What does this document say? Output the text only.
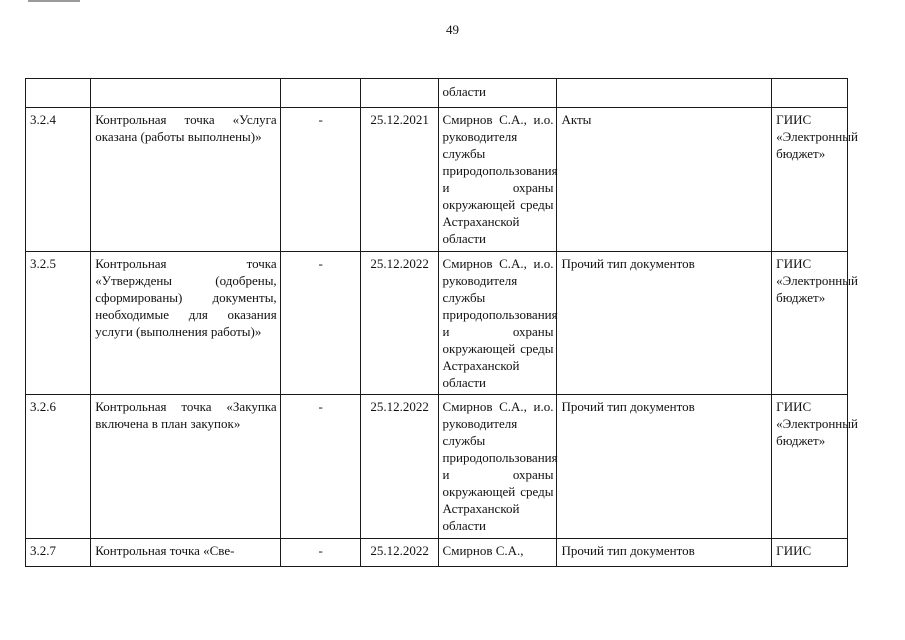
49
				области		
3.2.4	Контрольная точка «Услуга оказана (работы выполнены)»	-	25.12.2021	Смирнов С.А., и.о. руководителя службы природопользования и охраны окружающей среды Астраханской области	Акты	ГИИС «Электронный бюджет»
3.2.5	Контрольная точка «Утверждены (одобрены, сформированы) документы, необходимые для оказания услуги (выполнения работы)»	-	25.12.2022	Смирнов С.А., и.о. руководителя службы природопользования и охраны окружающей среды Астраханской области	Прочий тип документов	ГИИС «Электронный бюджет»
3.2.6	Контрольная точка «Закупка включена в план закупок»	-	25.12.2022	Смирнов С.А., и.о. руководителя службы природопользования и охраны окружающей среды Астраханской области	Прочий тип документов	ГИИС «Электронный бюджет»
3.2.7	Контрольная точка «Све-	-	25.12.2022	Смирнов С.А.,	Прочий тип документов	ГИИС
